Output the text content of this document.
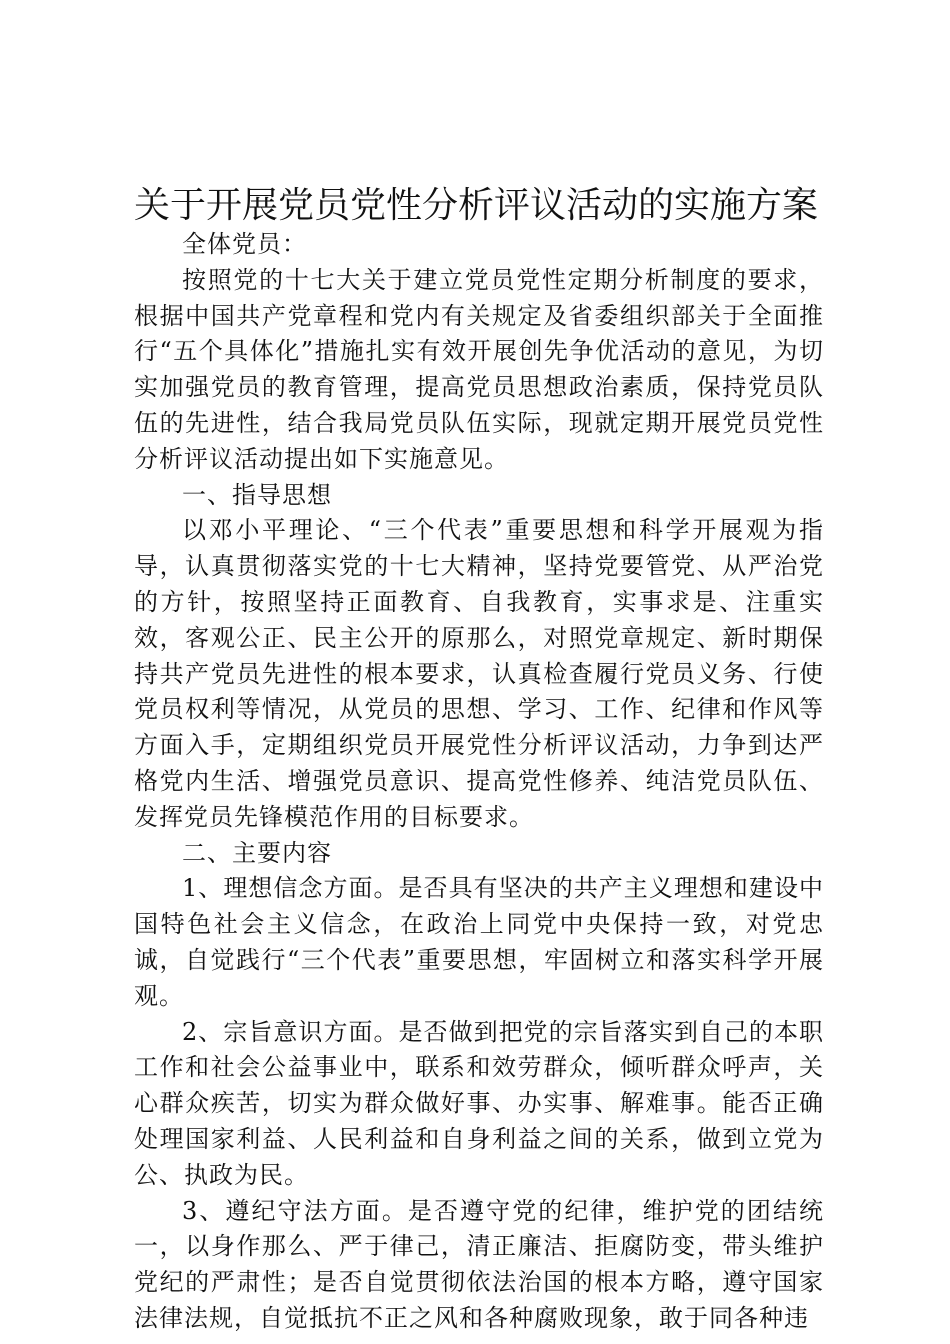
关于开展党员党性分析评议活动的实施方案

全体党员：

按照党的十七大关于建立党员党性定期分析制度的要求，根据中国共产党章程和党内有关规定及省委组织部关于全面推行“五个具体化”措施扎实有效开展创先争优活动的意见，为切实加强党员的教育管理，提高党员思想政治素质，保持党员队伍的先进性，结合我局党员队伍实际，现就定期开展党员党性分析评议活动提出如下实施意见。

一、指导思想

以邓小平理论、“三个代表”重要思想和科学开展观为指导，认真贯彻落实党的十七大精神，坚持党要管党、从严治党的方针，按照坚持正面教育、自我教育，实事求是、注重实效，客观公正、民主公开的原那么，对照党章规定、新时期保持共产党员先进性的根本要求，认真检查履行党员义务、行使党员权利等情况，从党员的思想、学习、工作、纪律和作风等方面入手，定期组织党员开展党性分析评议活动，力争到达严格党内生活、增强党员意识、提高党性修养、纯洁党员队伍、发挥党员先锋模范作用的目标要求。

二、主要内容

1、理想信念方面。是否具有坚决的共产主义理想和建设中国特色社会主义信念，在政治上同党中央保持一致，对党忠诚，自觉践行“三个代表”重要思想，牢固树立和落实科学开展观。

2、宗旨意识方面。是否做到把党的宗旨落实到自己的本职工作和社会公益事业中，联系和效劳群众，倾听群众呼声，关心群众疾苦，切实为群众做好事、办实事、解难事。能否正确处理国家利益、人民利益和自身利益之间的关系，做到立党为公、执政为民。

3、遵纪守法方面。是否遵守党的纪律，维护党的团结统一，以身作那么、严于律己，清正廉洁、拒腐防变，带头维护党纪的严肃性；是否自觉贯彻依法治国的根本方略，遵守国家法律法规，自觉抵抗不正之风和各种腐败现象，敢于同各种违
